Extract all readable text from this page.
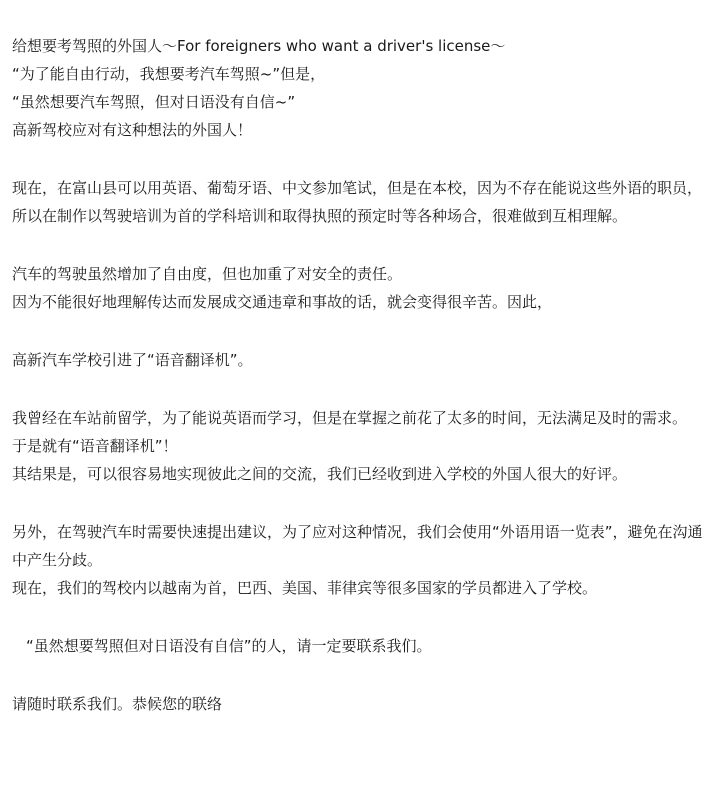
给想要考驾照的外国人～For foreigners who want a driver's license～

“为了能自由行动，我想要考汽车驾照~”但是，

“虽然想要汽车驾照，但对日语没有自信~”

高新驾校应对有这种想法的外国人！

现在，在富山县可以用英语、葡萄牙语、中文参加笔试，但是在本校，因为不存在能说这些外语的职员，所以在制作以驾驶培训为首的学科培训和取得执照的预定时等各种场合，很难做到互相理解。

汽车的驾驶虽然增加了自由度，但也加重了对安全的责任。

因为不能很好地理解传达而发展成交通违章和事故的话，就会变得很辛苦。因此，

高新汽车学校引进了“语音翻译机”。

我曾经在车站前留学，为了能说英语而学习，但是在掌握之前花了太多的时间，无法满足及时的需求。

于是就有“语音翻译机”！

其结果是，可以很容易地实现彼此之间的交流，我们已经收到进入学校的外国人很大的好评。

另外，在驾驶汽车时需要快速提出建议，为了应对这种情况，我们会使用“外语用语一览表”，避免在沟通中产生分歧。

现在，我们的驾校内以越南为首，巴西、美国、菲律宾等很多国家的学员都进入了学校。

“虽然想要驾照但对日语没有自信”的人，请一定要联系我们。

请随时联系我们。恭候您的联络
